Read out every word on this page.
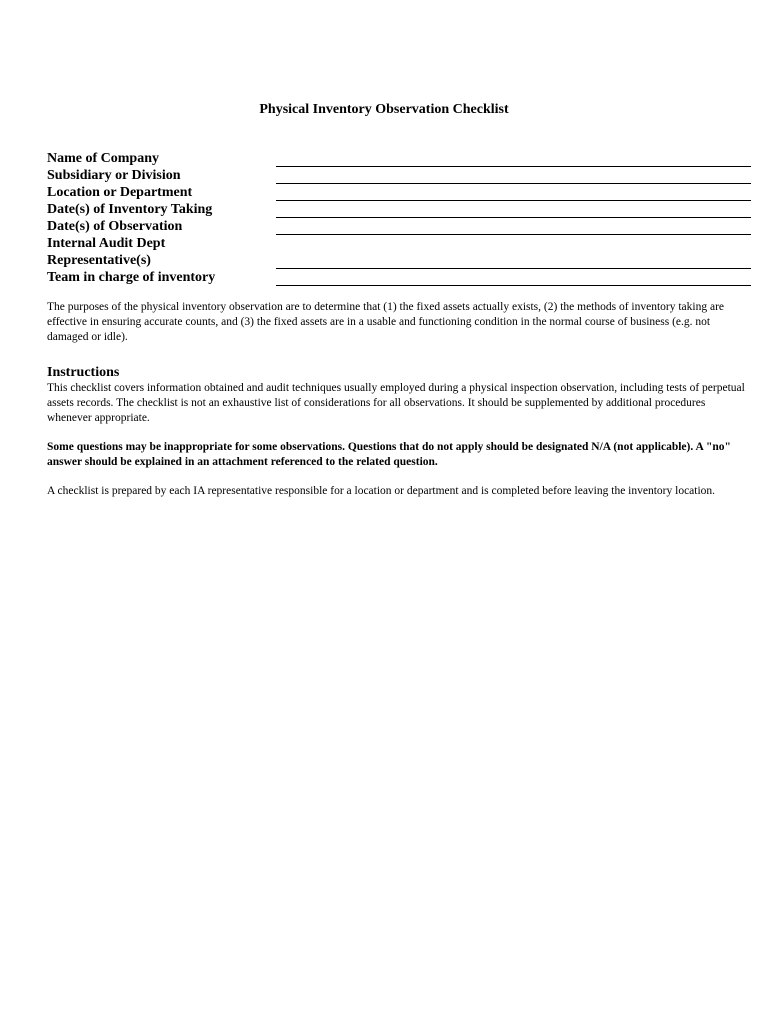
Physical Inventory Observation Checklist
Name of Company
Subsidiary or Division
Location or Department
Date(s) of Inventory Taking
Date(s) of Observation
Internal Audit Dept
Representative(s)
Team in charge of inventory

The purposes of the physical inventory observation are to determine that (1) the fixed assets actually exists, (2) the methods of inventory taking are effective in ensuring accurate counts, and (3) the fixed assets are in a usable and functioning condition in the normal course of business (e.g. not damaged or idle).

Instructions

This checklist covers information obtained and audit techniques usually employed during a physical inspection observation, including tests of perpetual assets records. The checklist is not an exhaustive list of considerations for all observations. It should be supplemented by additional procedures whenever appropriate.

Some questions may be inappropriate for some observations. Questions that do not apply should be designated N/A (not applicable). A "no" answer should be explained in an attachment referenced to the related question.

A checklist is prepared by each IA representative responsible for a location or department and is completed before leaving the inventory location.
